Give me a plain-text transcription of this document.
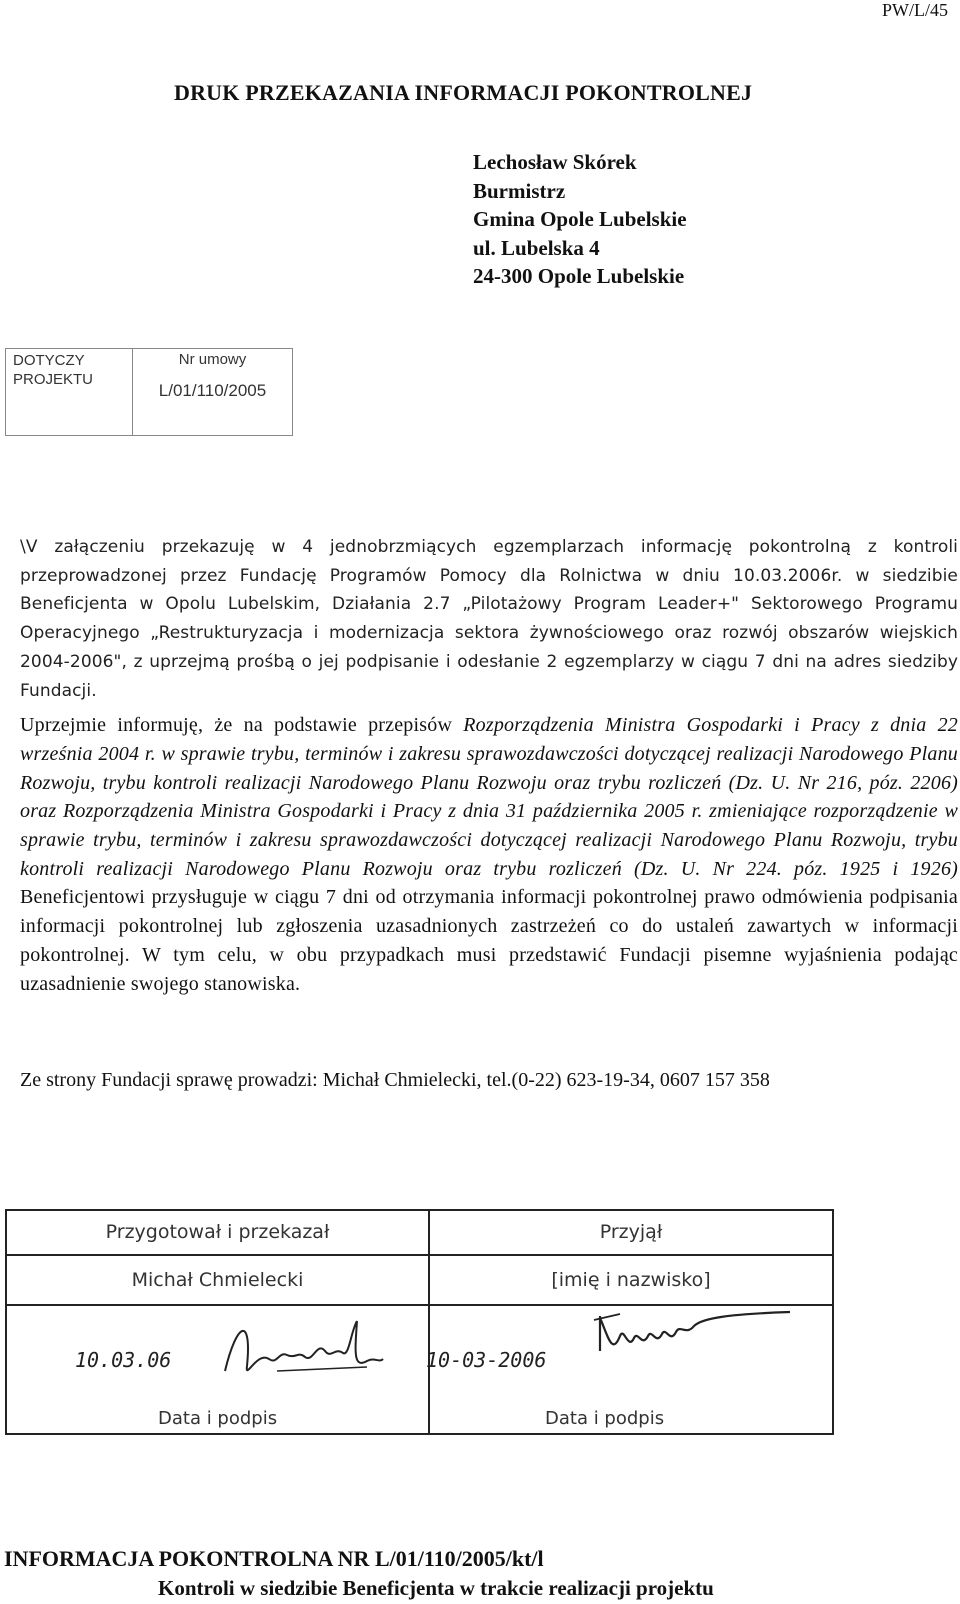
PW/L/45
DRUK PRZEKAZANIA INFORMACJI POKONTROLNEJ
Lechosław Skórek
Burmistrz
Gmina Opole Lubelskie
ul. Lubelska 4
24-300 Opole Lubelskie
DOTYCZY
PROJEKTU
Nr umowy
L/01/110/2005

\V załączeniu przekazuję w 4 jednobrzmiących egzemplarzach informację pokontrolną z kontroli przeprowadzonej przez Fundację Programów Pomocy dla Rolnictwa w dniu 10.03.2006r. w siedzibie Beneficjenta w Opolu Lubelskim, Działania 2.7 „Pilotażowy Program Leader+" Sektorowego Programu Operacyjnego „Restrukturyzacja i modernizacja sektora żywnościowego oraz rozwój obszarów wiejskich 2004-2006", z uprzejmą prośbą o jej podpisanie i odesłanie 2 egzemplarzy w ciągu 7 dni na adres siedziby Fundacji.

Uprzejmie informuję, że na podstawie przepisów Rozporządzenia Ministra Gospodarki i Pracy z dnia 22 września 2004 r. w sprawie trybu, terminów i zakresu sprawozdawczości dotyczącej realizacji Narodowego Planu Rozwoju, trybu kontroli realizacji Narodowego Planu Rozwoju oraz trybu rozliczeń (Dz. U. Nr 216, póz. 2206) oraz Rozporządzenia Ministra Gospodarki i Pracy z dnia 31 października 2005 r. zmieniające rozporządzenie w sprawie trybu, terminów i zakresu sprawozdawczości dotyczącej realizacji Narodowego Planu Rozwoju, trybu kontroli realizacji Narodowego Planu Rozwoju oraz trybu rozliczeń (Dz. U. Nr 224. póz. 1925 i 1926) Beneficjentowi przysługuje w ciągu 7 dni od otrzymania informacji pokontrolnej prawo odmówienia podpisania informacji pokontrolnej lub zgłoszenia uzasadnionych zastrzeżeń co do ustaleń zawartych w informacji pokontrolnej. W tym celu, w obu przypadkach musi przedstawić Fundacji pisemne wyjaśnienia podając uzasadnienie swojego stanowiska.

Ze strony Fundacji sprawę prowadzi: Michał Chmielecki, tel.(0-22) 623-19-34, 0607 157 358
Przygotował i przekazał
Michał Chmielecki
10.03.06
Data i podpis
Przyjął
[imię i nazwisko]
10-03-2006
Data i podpis
INFORMACJA POKONTROLNA NR L/01/110/2005/kt/l
Kontroli w siedzibie Beneficjenta w trakcie realizacji projektu
